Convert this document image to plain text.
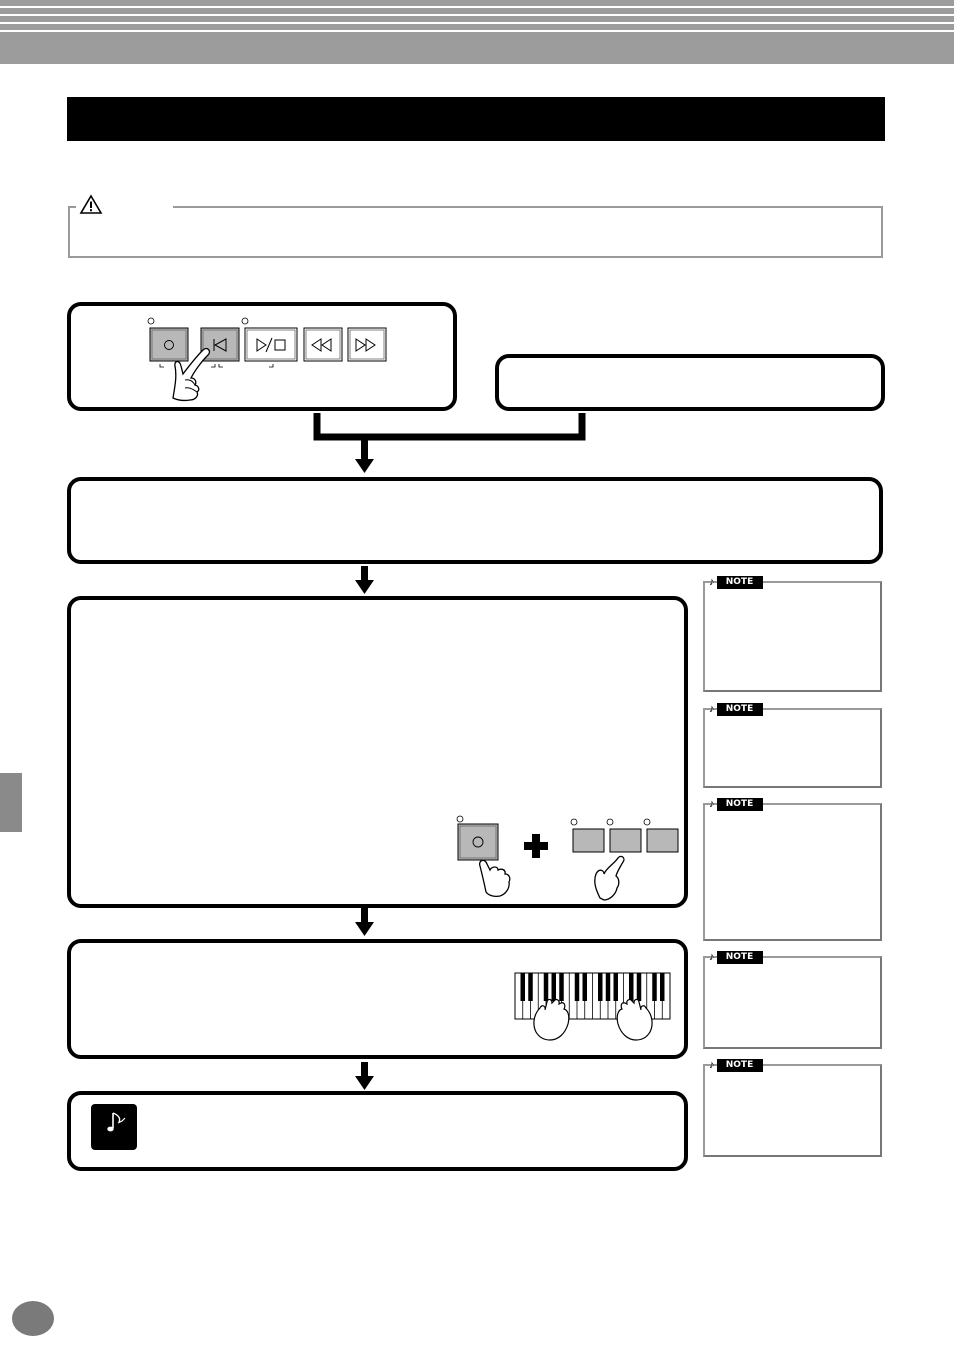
♪	NOTE
♪	NOTE
♪	NOTE
♪	NOTE
♪	NOTE
